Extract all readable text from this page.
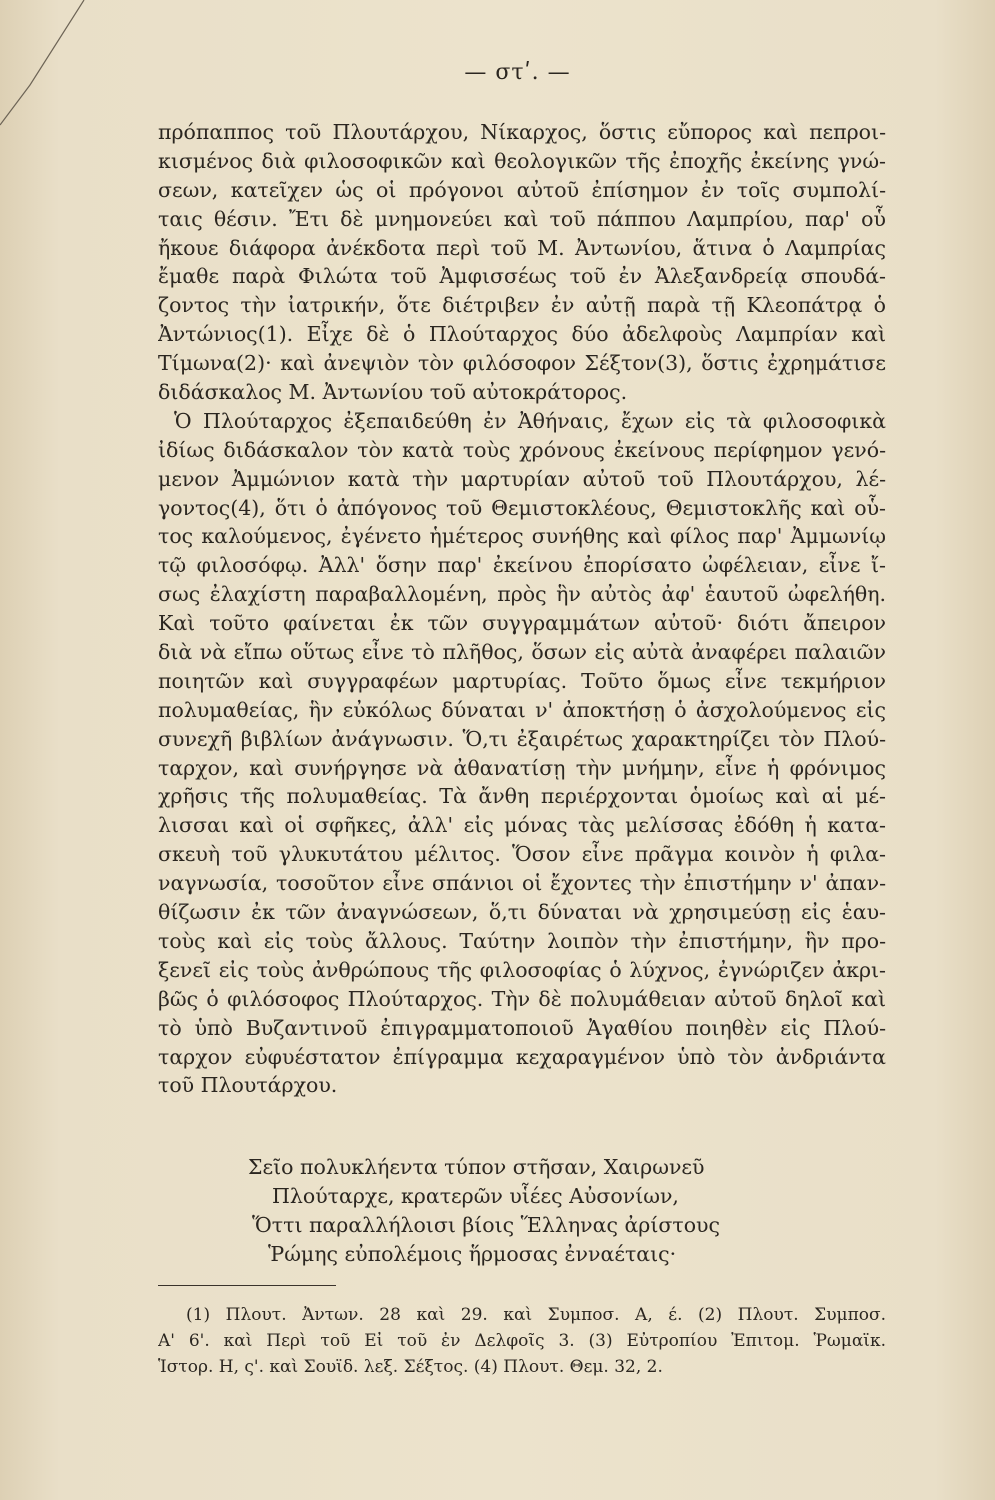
— στʹ. —
πρόπαππος τοῦ Πλουτάρχου, Νίκαρχος, ὅστις εὔπορος καὶ πεπροι-
κισμένος διὰ φιλοσοφικῶν καὶ θεολογικῶν τῆς ἐποχῆς ἐκείνης γνώ-
σεων, κατεῖχεν ὡς οἱ πρόγονοι αὐτοῦ ἐπίσημον ἐν τοῖς συμπολί-
ταις θέσιν. Ἔτι δὲ μνημονεύει καὶ τοῦ πάππου Λαμπρίου, παρ' οὗ
ἤκουε διάφορα ἀνέκδοτα περὶ τοῦ Μ. Ἀντωνίου, ἅτινα ὁ Λαμπρίας
ἔμαθε παρὰ Φιλώτα τοῦ Ἀμφισσέως τοῦ ἐν Ἀλεξανδρείᾳ σπουδά-
ζοντος τὴν ἰατρικήν, ὅτε διέτριβεν ἐν αὐτῇ παρὰ τῇ Κλεοπάτρᾳ ὁ
Ἀντώνιος(1). Εἶχε δὲ ὁ Πλούταρχος δύο ἀδελφοὺς Λαμπρίαν καὶ
Τίμωνα(2)· καὶ ἀνεψιὸν τὸν φιλόσοφον Σέξτον(3), ὅστις ἐχρημάτισε
διδάσκαλος Μ. Ἀντωνίου τοῦ αὐτοκράτορος.
Ὁ Πλούταρχος ἐξεπαιδεύθη ἐν Ἀθήναις, ἔχων εἰς τὰ φιλοσοφικὰ
ἰδίως διδάσκαλον τὸν κατὰ τοὺς χρόνους ἐκείνους περίφημον γενό-
μενον Ἀμμώνιον κατὰ τὴν μαρτυρίαν αὐτοῦ τοῦ Πλουτάρχου, λέ-
γοντος(4), ὅτι ὁ ἀπόγονος τοῦ Θεμιστοκλέους, Θεμιστοκλῆς καὶ οὗ-
τος καλούμενος, ἐγένετο ἡμέτερος συνήθης καὶ φίλος παρ' Ἀμμωνίῳ
τῷ φιλοσόφῳ. Ἀλλ' ὅσην παρ' ἐκείνου ἐπορίσατο ὠφέλειαν, εἶνε ἴ-
σως ἐλαχίστη παραβαλλομένη, πρὸς ἣν αὐτὸς ἀφ' ἑαυτοῦ ὠφελήθη.
Καὶ τοῦτο φαίνεται ἐκ τῶν συγγραμμάτων αὐτοῦ· διότι ἄπειρον
διὰ νὰ εἴπω οὕτως εἶνε τὸ πλῆθος, ὅσων εἰς αὐτὰ ἀναφέρει παλαιῶν
ποιητῶν καὶ συγγραφέων μαρτυρίας. Τοῦτο ὅμως εἶνε τεκμήριον
πολυμαθείας, ἣν εὐκόλως δύναται ν' ἀποκτήσῃ ὁ ἀσχολούμενος εἰς
συνεχῆ βιβλίων ἀνάγνωσιν. Ὅ,τι ἐξαιρέτως χαρακτηρίζει τὸν Πλού-
ταρχον, καὶ συνήργησε νὰ ἀθανατίσῃ τὴν μνήμην, εἶνε ἡ φρόνιμος
χρῆσις τῆς πολυμαθείας. Τὰ ἄνθη περιέρχονται ὁμοίως καὶ αἱ μέ-
λισσαι καὶ οἱ σφῆκες, ἀλλ' εἰς μόνας τὰς μελίσσας ἐδόθη ἡ κατα-
σκευὴ τοῦ γλυκυτάτου μέλιτος. Ὅσον εἶνε πρᾶγμα κοινὸν ἡ φιλα-
ναγνωσία, τοσοῦτον εἶνε σπάνιοι οἱ ἔχοντες τὴν ἐπιστήμην ν' ἀπαν-
θίζωσιν ἐκ τῶν ἀναγνώσεων, ὅ,τι δύναται νὰ χρησιμεύσῃ εἰς ἑαυ-
τοὺς καὶ εἰς τοὺς ἄλλους. Ταύτην λοιπὸν τὴν ἐπιστήμην, ἣν προ-
ξενεῖ εἰς τοὺς ἀνθρώπους τῆς φιλοσοφίας ὁ λύχνος, ἐγνώριζεν ἀκρι-
βῶς ὁ φιλόσοφος Πλούταρχος. Τὴν δὲ πολυμάθειαν αὐτοῦ δηλοῖ καὶ
τὸ ὑπὸ Βυζαντινοῦ ἐπιγραμματοποιοῦ Ἀγαθίου ποιηθὲν εἰς Πλού-
ταρχον εὐφυέστατον ἐπίγραμμα κεχαραγμένον ὑπὸ τὸν ἀνδριάντα
τοῦ Πλουτάρχου.
Σεῖο πολυκλήεντα τύπον στῆσαν, Χαιρωνεῦ
Πλούταρχε, κρατερῶν υἷέες Αὐσονίων,
Ὅττι παραλλήλοισι βίοις Ἕλληνας ἀρίστους
Ῥώμης εὐπολέμοις ἥρμοσας ἐνναέταις·
(1) Πλουτ. Ἀντων. 28 καὶ 29. καὶ Συμποσ. Α, έ. (2) Πλουτ. Συμποσ.
Α' 6'. καὶ Περὶ τοῦ Εἰ τοῦ ἐν Δελφοῖς 3. (3) Εὐτροπίου Ἐπιτομ. Ῥωμαϊκ.
Ἱστορ. Η, ς'. καὶ Σουϊδ. λεξ. Σέξτος. (4) Πλουτ. Θεμ. 32, 2.
